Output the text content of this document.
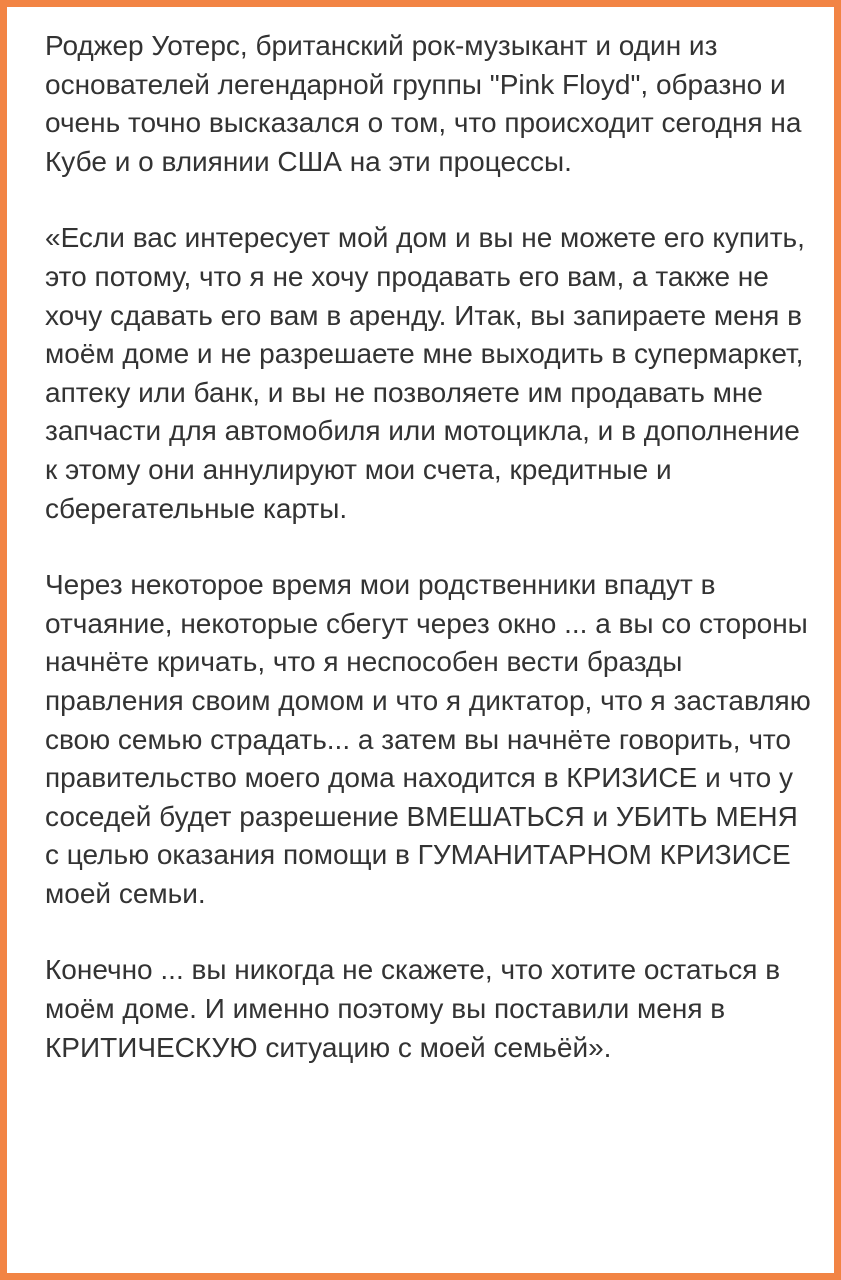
Роджер Уотерс, британский рок-музыкант и один из основателей легендарной группы "Pink Floyd", образно и очень точно высказался о том, что происходит сегодня на Кубе и о влиянии США на эти процессы.

«Если вас интересует мой дом и вы не можете его купить, это потому, что я не хочу продавать его вам, а также не хочу сдавать его вам в аренду. Итак, вы запираете меня в моём доме и не разрешаете мне выходить в супермаркет, аптеку или банк, и вы не позволяете им продавать мне запчасти для автомобиля или мотоцикла, и в дополнение к этому они аннулируют мои счета, кредитные и сберегательные карты.

Через некоторое время мои родственники впадут в отчаяние, некоторые сбегут через окно ... а вы со стороны начнёте кричать, что я неспособен вести бразды правления своим домом и что я диктатор, что я заставляю свою семью страдать... а затем вы начнёте говорить, что правительство моего дома находится в КРИЗИСЕ и что у соседей будет разрешение ВМЕШАТЬСЯ и УБИТЬ МЕНЯ с целью оказания помощи в ГУМАНИТАРНОМ КРИЗИСЕ моей семьи.

Конечно ... вы никогда не скажете, что хотите остаться в моём доме. И именно поэтому вы поставили меня в КРИТИЧЕСКУЮ ситуацию с моей семьёй».
